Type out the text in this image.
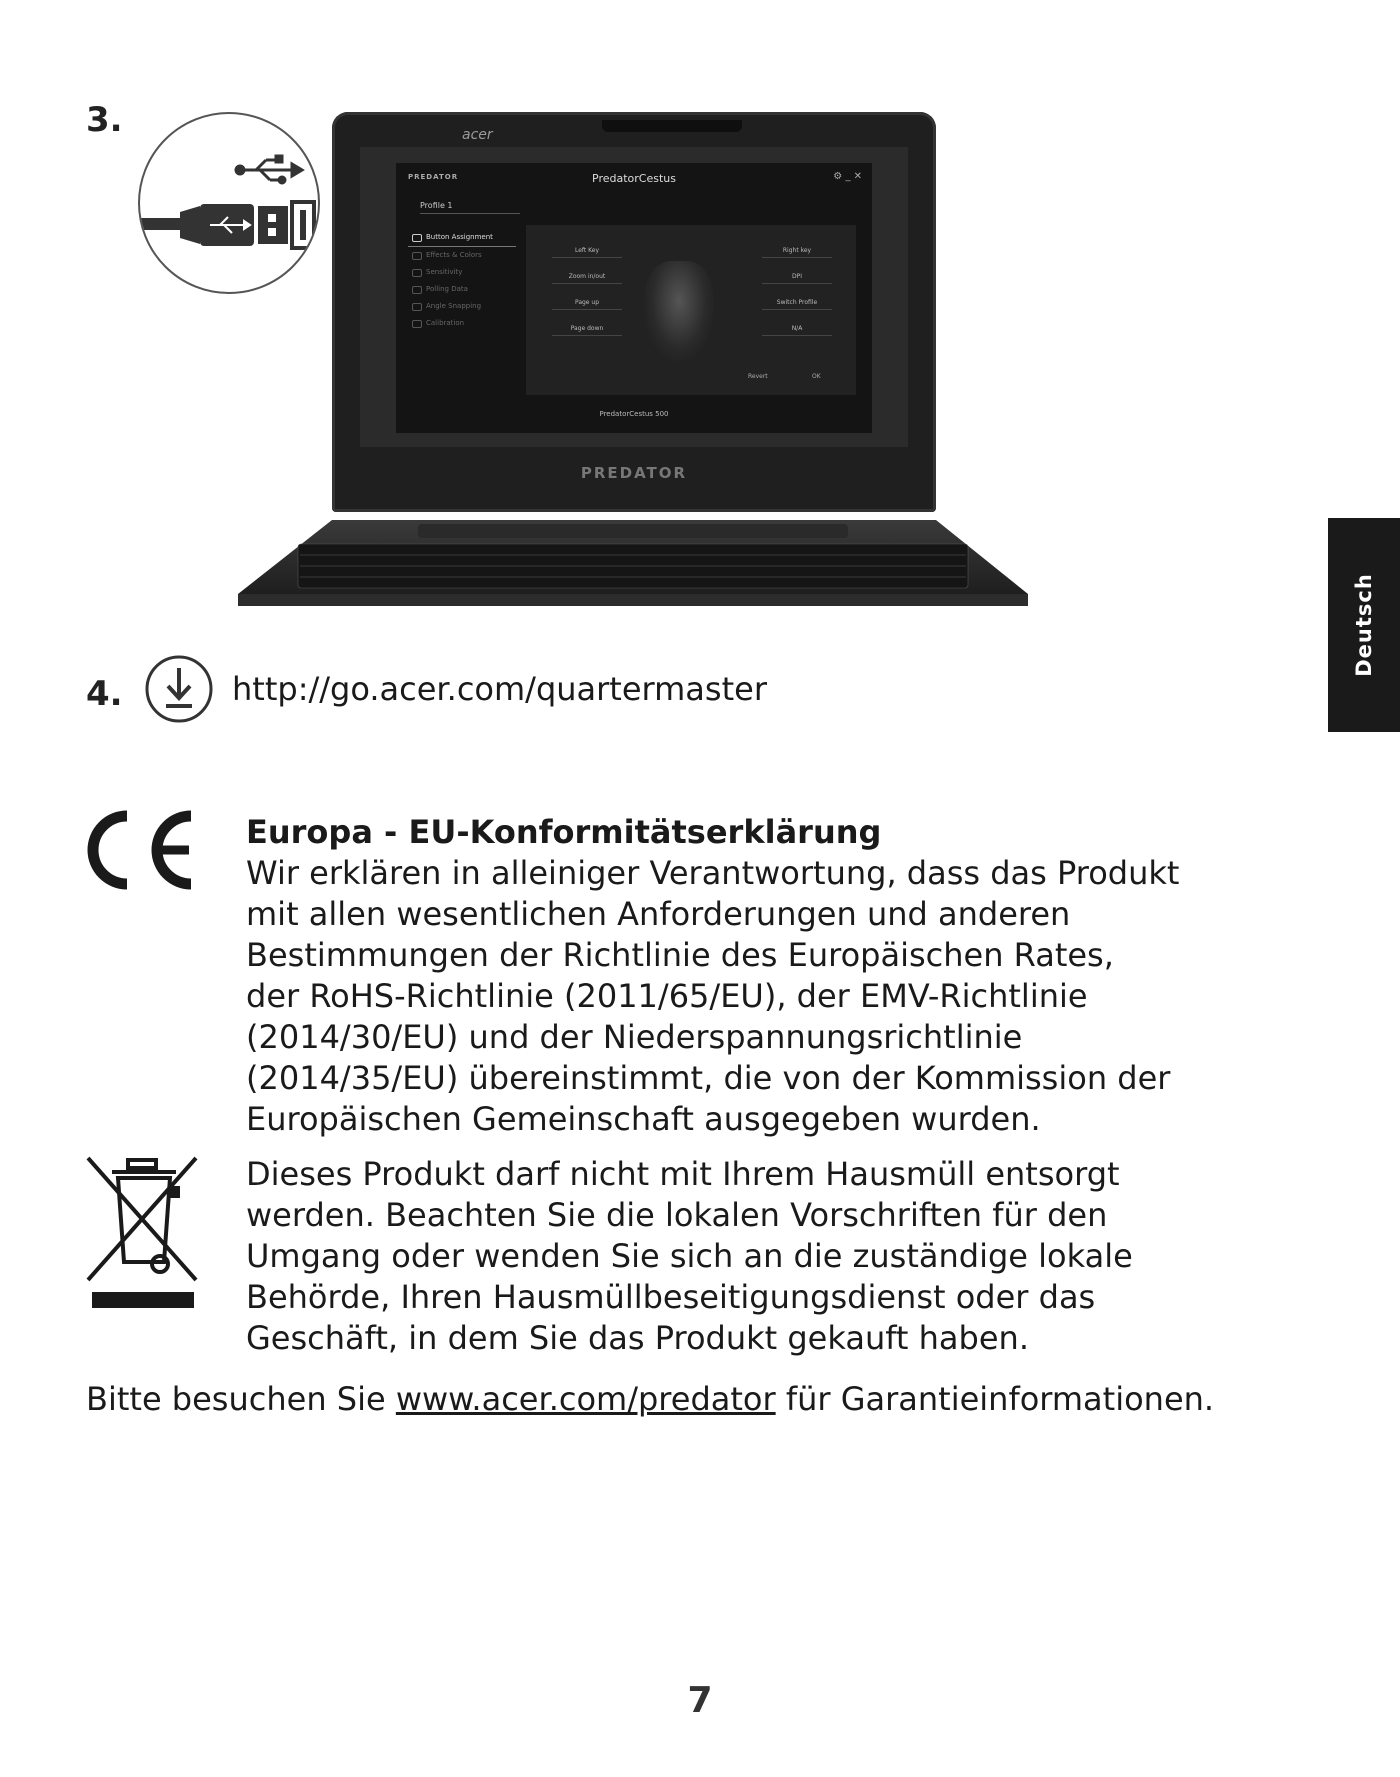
3.	acer
PREDATOR	PredatorCestus	⚙ _ ✕
Profile 1
Button Assignment
Effects & Colors
Sensitivity
Polling Data
Angle Snapping
Calibration
Left Key
Zoom in/out
Page up
Page down
Right key
DPI
Switch Profile
N/A
Revert	OK
PredatorCestus 500
PREDATOR
4.	http://go.acer.com/quartermaster
Deutsch
Europa - EU-Konformitätserklärung
Wir erklären in alleiniger Verantwortung, dass das Produkt
mit allen wesentlichen Anforderungen und anderen
Bestimmungen der Richtlinie des Europäischen Rates,
der RoHS-Richtlinie (2011/65/EU), der EMV-Richtlinie
(2014/30/EU) und der Niederspannungsrichtlinie
(2014/35/EU) übereinstimmt, die von der Kommission der
Europäischen Gemeinschaft ausgegeben wurden.
Dieses Produkt darf nicht mit Ihrem Hausmüll entsorgt
werden. Beachten Sie die lokalen Vorschriften für den
Umgang oder wenden Sie sich an die zuständige lokale
Behörde, Ihren Hausmüllbeseitigungsdienst oder das
Geschäft, in dem Sie das Produkt gekauft haben.
Bitte besuchen Sie www.acer.com/predator für Garantieinformationen.
7
